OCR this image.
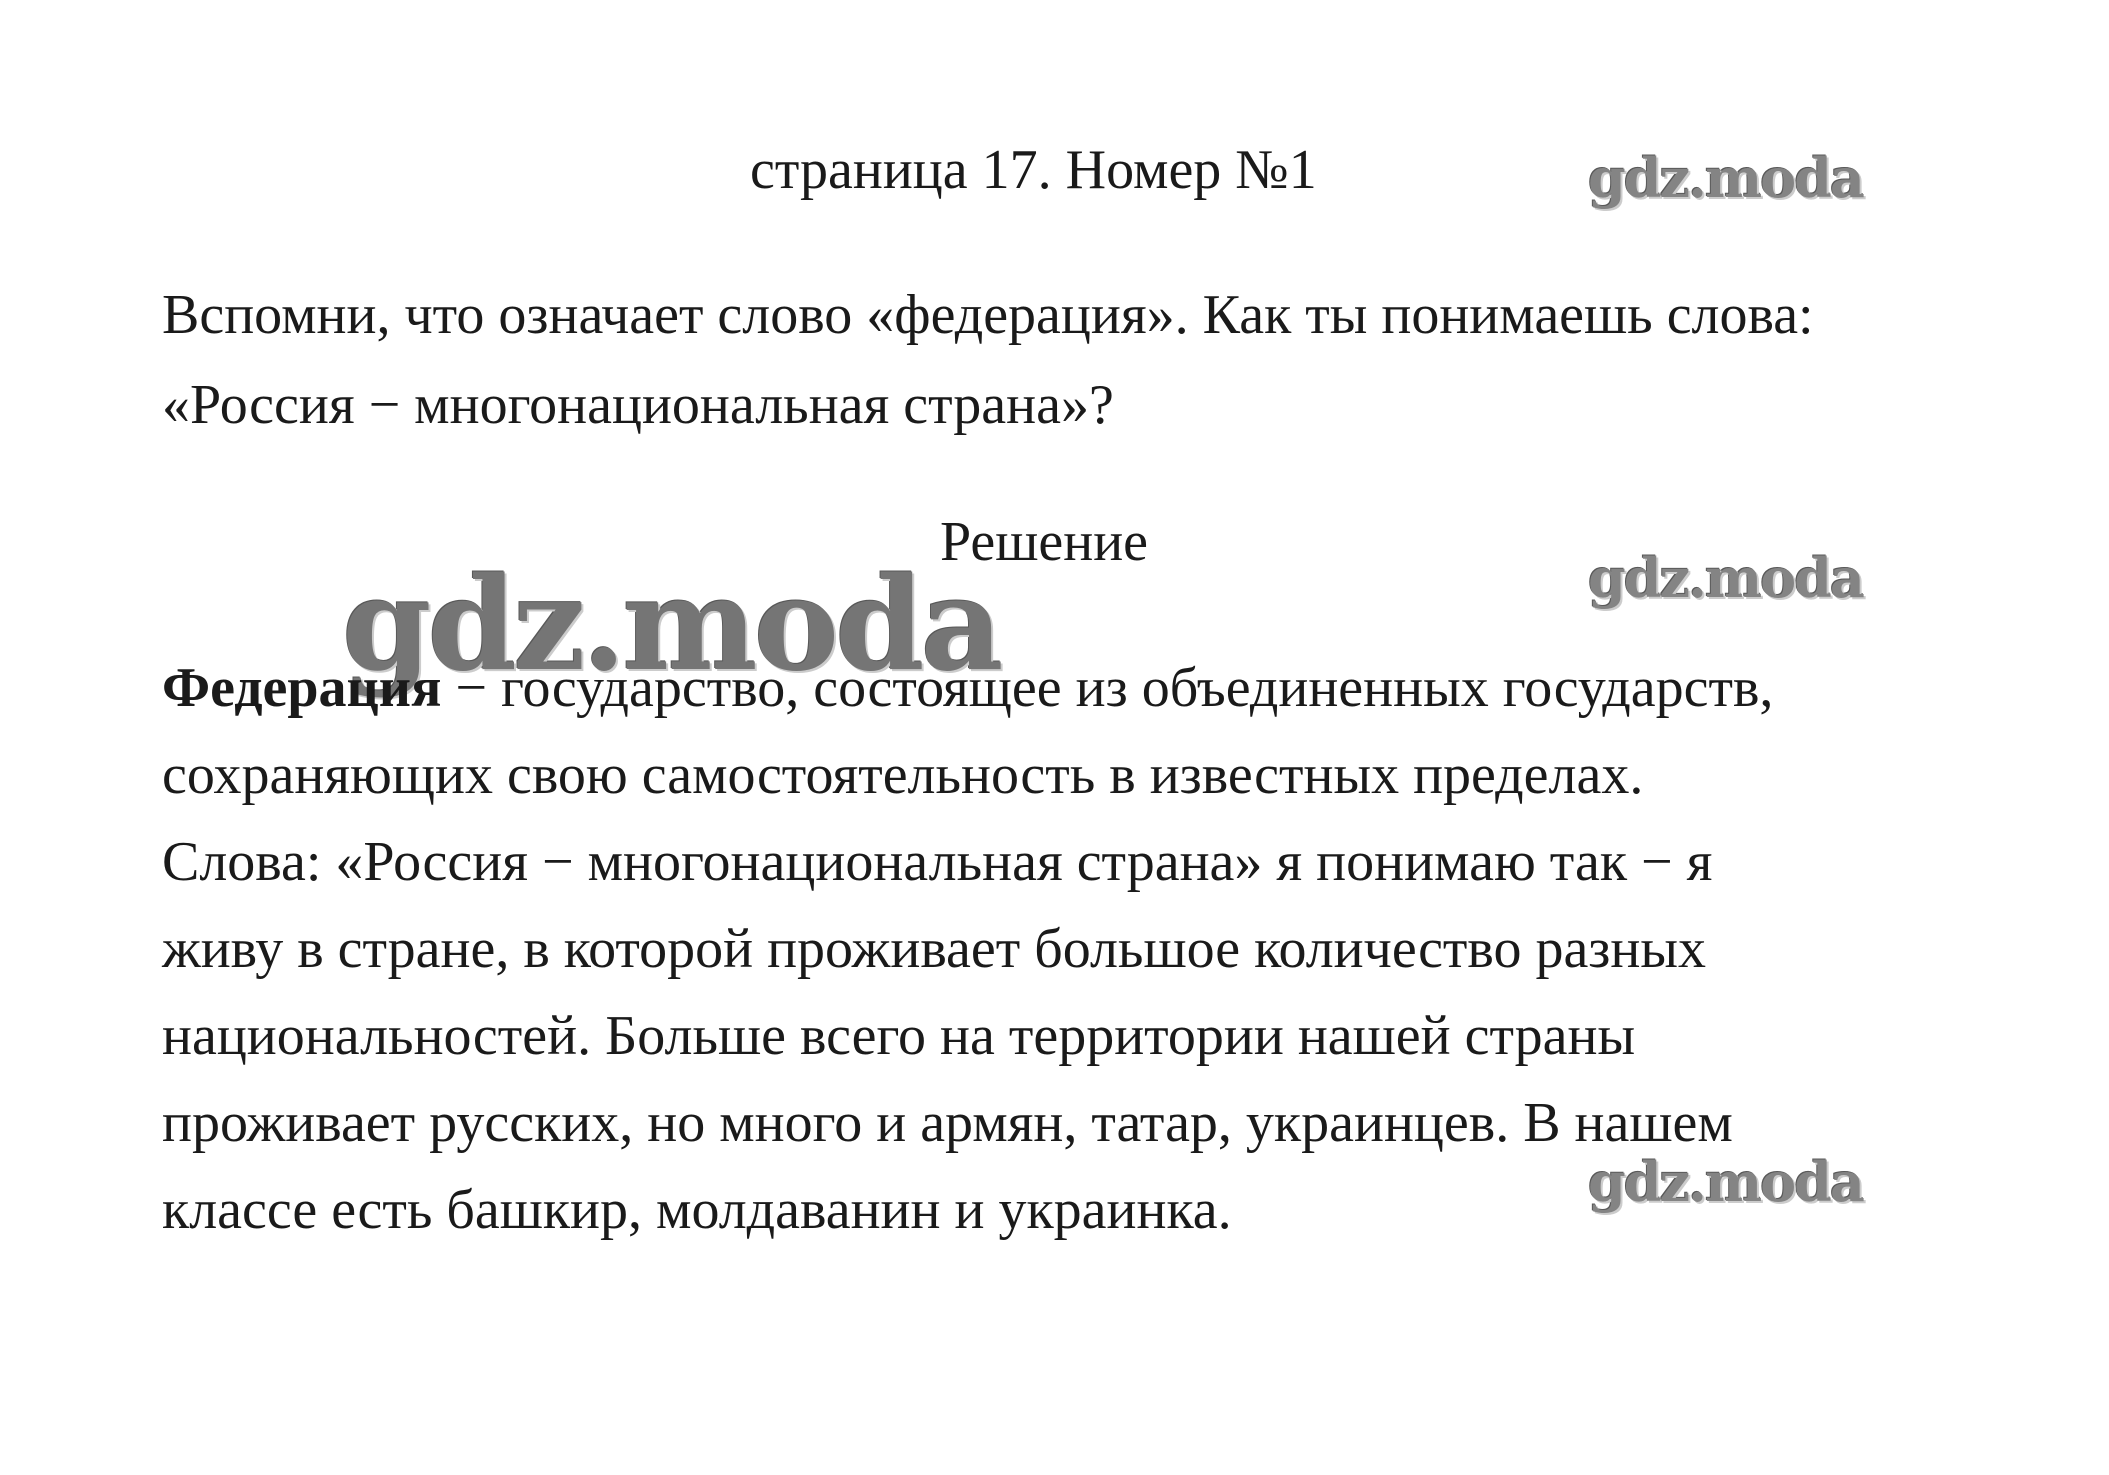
страница 17. Номер №1	gdz.moda

Вспомни, что означает слово «федерация». Как ты понимаешь слова:

«Россия − многонациональная страна»?

Решение
gdz.moda	gdz.moda

Федерация − государство, состоящее из объединенных государств,

сохраняющих свою самостоятельность в известных пределах.

Слова: «Россия − многонациональная страна» я понимаю так − я

живу в стране, в которой проживает большое количество разных

национальностей. Больше всего на территории нашей страны

проживает русских, но много и армян, татар, украинцев. В нашем

классе есть башкир, молдаванин и украинка.	gdz.moda
